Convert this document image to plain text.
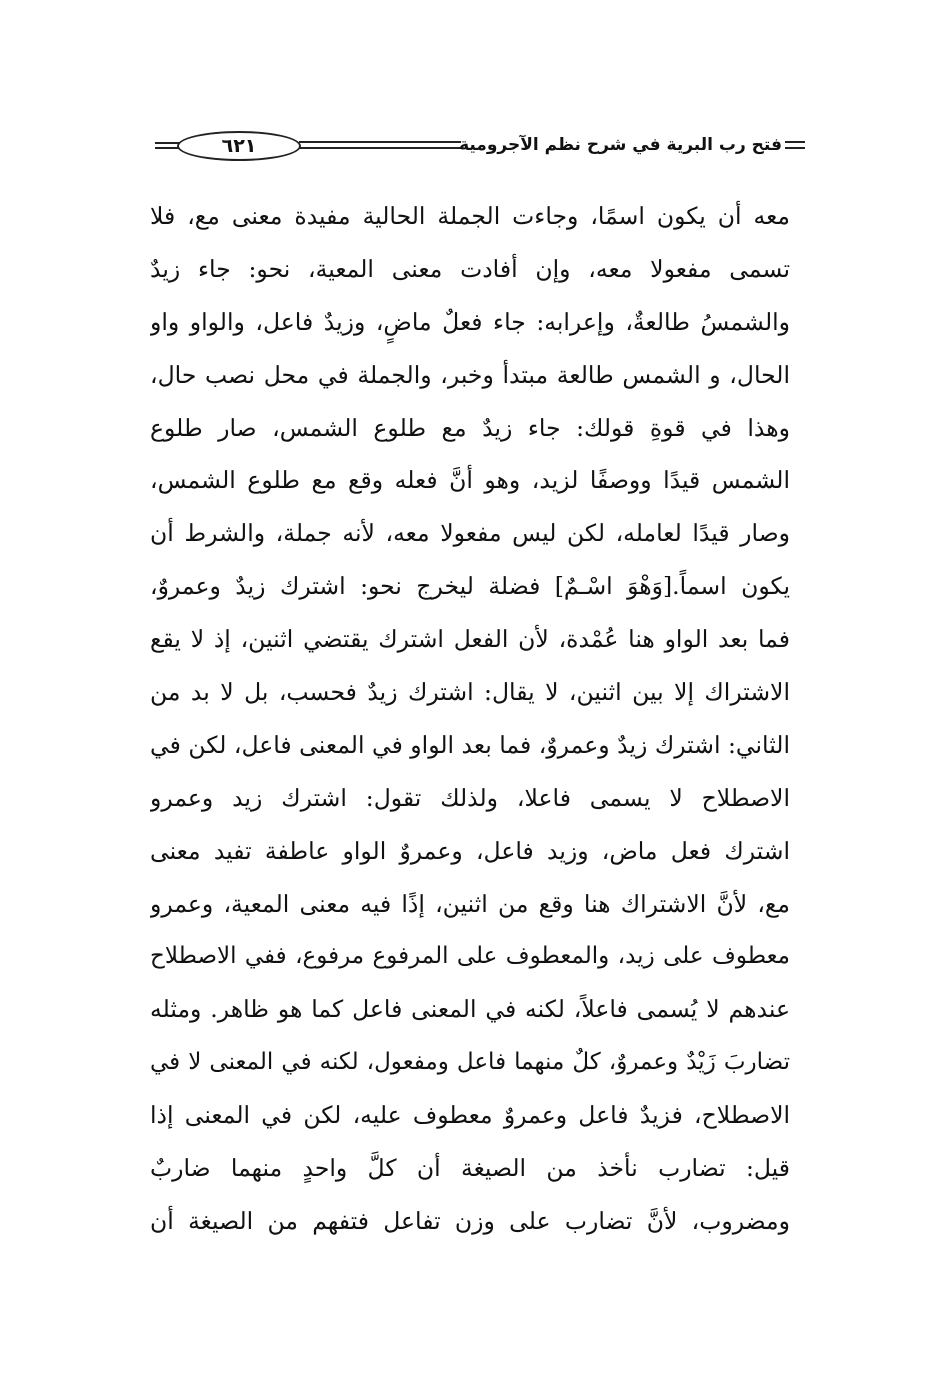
٦٢١	فتح رب البرية في شرح نظم الآجرومية
معه أن يكون اسمًا، وجاءت الجملة الحالية مفيدة معنى مع، فلا
تسمى مفعولا معه، وإن أفادت معنى المعية، نحو: جاء زيدٌ
والشمسُ طالعةٌ، وإعرابه: جاء فعلٌ ماضٍ، وزيدٌ فاعل، والواو واو
الحال، و الشمس طالعة مبتدأ وخبر، والجملة في محل نصب حال،
وهذا في قوةِ قولك: جاء زيدٌ مع طلوع الشمس، صار طلوع
الشمس قيدًا ووصفًا لزيد، وهو أنَّ فعله وقع مع طلوع الشمس،
وصار قيدًا لعامله، لكن ليس مفعولا معه، لأنه جملة، والشرط أن
يكون اسماً.[وَهْوَ اسْـمٌ] فضلة ليخرج نحو: اشترك زيدٌ وعمروٌ،
فما بعد الواو هنا عُمْدة، لأن الفعل اشترك يقتضي اثنين، إذ لا يقع
الاشتراك إلا بين اثنين، لا يقال: اشترك زيدٌ فحسب، بل لا بد من
الثاني: اشترك زيدٌ وعمروٌ، فما بعد الواو في المعنى فاعل، لكن في
الاصطلاح لا يسمى فاعلا، ولذلك تقول: اشترك زيد وعمرو
اشترك فعل ماض، وزيد فاعل، وعمروٌ الواو عاطفة تفيد معنى
مع، لأنَّ الاشتراك هنا وقع من اثنين، إذًا فيه معنى المعية، وعمرو
معطوف على زيد، والمعطوف على المرفوع مرفوع، ففي الاصطلاح
عندهم لا يُسمى فاعلاً، لكنه في المعنى فاعل كما هو ظاهر. ومثله
تضاربَ زَيْدٌ وعمروٌ، كلٌ منهما فاعل ومفعول، لكنه في المعنى لا في
الاصطلاح، فزيدٌ فاعل وعمروٌ معطوف عليه، لكن في المعنى إذا
قيل: تضارب نأخذ من الصيغة أن كلَّ واحدٍ منهما ضاربٌ
ومضروب، لأنَّ تضارب على وزن تفاعل فتفهم من الصيغة أن
